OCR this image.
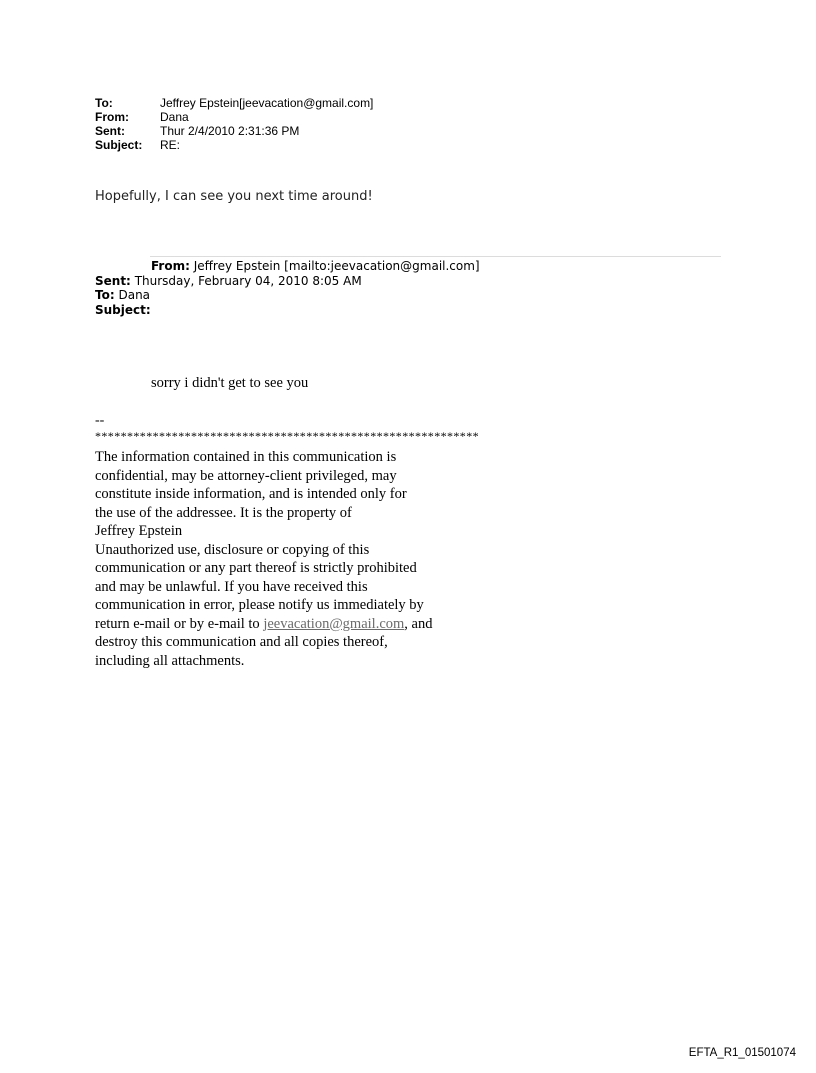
To:	Jeffrey Epstein[jeevacation@gmail.com]
From:	Dana
Sent:	Thur 2/4/2010 2:31:36 PM
Subject:	RE:
Hopefully, I can see you next time around!
From: Jeffrey Epstein [mailto:jeevacation@gmail.com]
Sent: Thursday, February 04, 2010 8:05 AM
To: Dana
Subject:
sorry i didn't get to see you
--
************************************************************
The information contained in this communication is
confidential, may be attorney-client privileged, may
constitute inside information, and is intended only for
the use of the addressee. It is the property of
Jeffrey Epstein
Unauthorized use, disclosure or copying of this
communication or any part thereof is strictly prohibited
and may be unlawful. If you have received this
communication in error, please notify us immediately by
return e-mail or by e-mail to jeevacation@gmail.com, and
destroy this communication and all copies thereof,
including all attachments.
EFTA_R1_01501074
